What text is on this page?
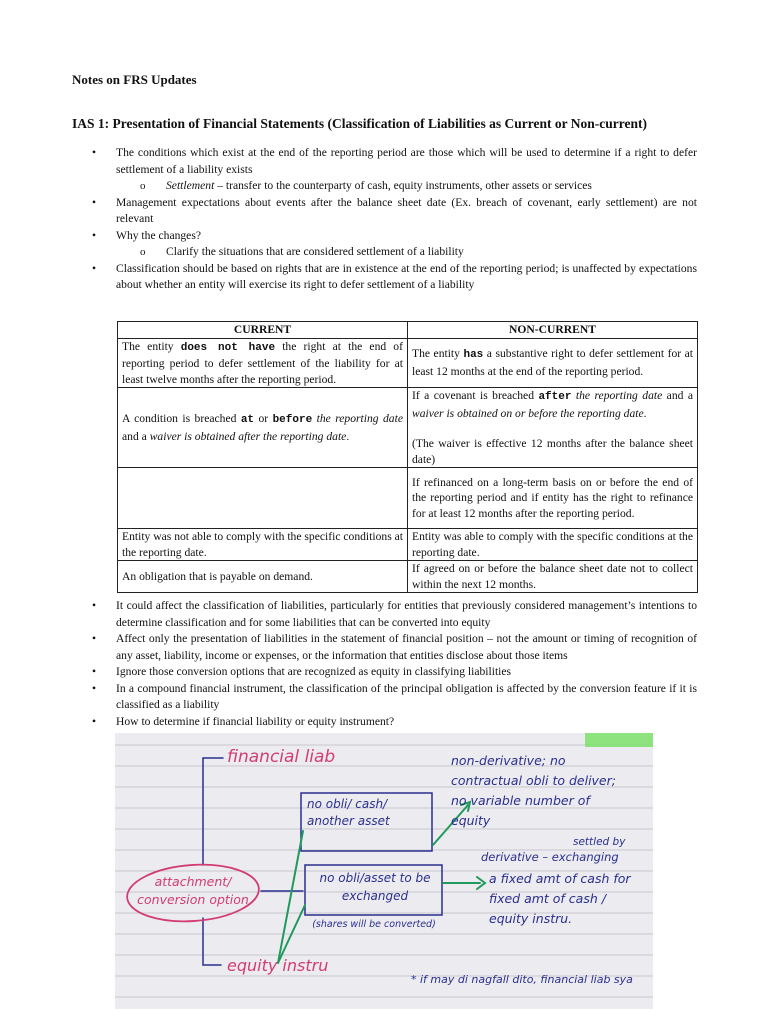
Notes on FRS Updates
IAS 1: Presentation of Financial Statements (Classification of Liabilities as Current or Non-current)
• The conditions which exist at the end of the reporting period are those which will be used to determine if a right to defer settlement of a liability exists
o Settlement – transfer to the counterparty of cash, equity instruments, other assets or services
• Management expectations about events after the balance sheet date (Ex. breach of covenant, early settlement) are not relevant
• Why the changes?
o Clarify the situations that are considered settlement of a liability
• Classification should be based on rights that are in existence at the end of the reporting period; is unaffected by expectations about whether an entity will exercise its right to defer settlement of a liability
CURRENT	NON-CURRENT
The entity does not have the right at the end of reporting period to defer settlement of the liability for at least twelve months after the reporting period.	The entity has a substantive right to defer settlement for at least 12 months at the end of the reporting period.
A condition is breached at or before the reporting date and a waiver is obtained after the reporting date.	If a covenant is breached after the reporting date and a waiver is obtained on or before the reporting date.
(The waiver is effective 12 months after the balance sheet date)
	If refinanced on a long-term basis on or before the end of the reporting period and if entity has the right to refinance for at least 12 months after the reporting period.
Entity was not able to comply with the specific conditions at the reporting date.	Entity was able to comply with the specific conditions at the reporting date.
An obligation that is payable on demand.	If agreed on or before the balance sheet date not to collect within the next 12 months.
• It could affect the classification of liabilities, particularly for entities that previously considered management’s intentions to determine classification and for some liabilities that can be converted into equity
• Affect only the presentation of liabilities in the statement of financial position – not the amount or timing of recognition of any asset, liability, income or expenses, or the information that entities disclose about those items
• Ignore those conversion options that are recognized as equity in classifying liabilities
• In a compound financial instrument, the classification of the principal obligation is affected by the conversion feature if it is classified as a liability
• How to determine if financial liability or equity instrument?
financial liab
equity instru
non-derivative; no contractual obli to deliver; no variable number of equity
no obli/ cash/ another asset
settled by
derivative – exchanging
attachment/ conversion option
no obli/asset to be exchanged
a fixed amt of cash for fixed amt of cash / equity instru.
(shares will be converted)
* if may di nagfall dito, financial liab sya
